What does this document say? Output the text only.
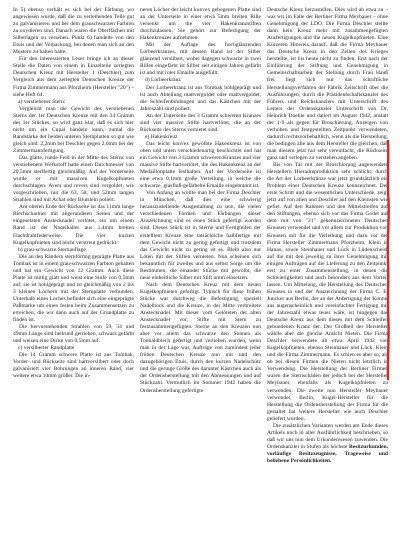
In 5) ebenso verhält es sich bei der Färbung, wo angewiesen wurde, daß die zu verleihenden Teile gut zu galvanisieren und bei dem grauschwarzen Farbton zu oxydieren sind. Danach waren die Oberflächen mit Silberlagen zu versehen. Punkt 6) handelte von den Etuis und der Verpackung, bei denen man sich an den Mustern zu halten hatte.

Für den interessierten Leser bringe ich an dieser Stelle die Daten von einem in Einzelteile zerlegten Deutschen Kreuz mit Hersteller 1 (Deschler) zum Vergleich aus dem zerlegten Deutschen Kreuze der Firma Zimmermann aus Pforzheim (Hersteller "20") – siehe Heft 64.

a) verstiebener Stern:

Vergleicht man die Gewicht des verstiebenen Sterns der 1er Deutschen Kreuze mit den 34 Gramm des 1er Stückes, so wird ganz klar, daß es sich hier nicht um ein Cupal handeln kann, zumal die Randstärke der beiden unteren Sternplatten so gut wie gleich sind: 2,2mm bei Deschler gegen 2,0mm bei der Zimmermannfertigung.

Das glatte, runde Feld in der Mitte des Sterns von verstiebenem Werkstoff hatte einen Durchmesser von 20,5mm sterlfertig gleichmäßig. Auf der Vorderseite wurde er mit massiven Kugelkopfnieten durchschlagen. Avers und revers sind vergoldet, wie vorgeschrieben, nur die 63, 58, und 52mm langen Strahlen sind mit Achat oder Blutstein poliert.

Am oberen Ende der Rückseite ist das 11mm lange Blechscharnier mit abgerundeten Seiten und der eingesetzten Anstecknadel verlötet, ein um einem Rand ist der Nadelhalter aus 1,4mm breiten Flachdrahtfederweise. Die vier kurzen Kugelkopfnieten sind leicht verstreut gedrückt.

b) grau-schwarze Sternauflage

Die an den Rändern sternförmig geprägte Platte aus Tombak ist in einem grau-schwarzen Farbton gehalten und hat ein Gewicht von 12 Gramm. Auch diese Platte ist mittig glatt und weist eine Stufe von 0,5mm auf; sie ist hohlgeprägt und ist gleichmäßig von 2 bis 3 kleinen Löchern mit der Sternplatte verbunden. Unterhalb eines Loches befindet sich eine eingeprägte Paßmarke um einen festen beim Zusammensetzen zu erreichen, die wir dann auch auf der Grundplatte zu finden ist.

Die hervorstehenden Strahlen von 59, 54 und 49mm Länge sind hellrund getrieben, schwarz gefärbt und weisen eine Dicke von 0,5mm auf.

c) versilberter Randplatte

Die 14 Gramm schwere Platte ist aus Tombak, Vorder- und Rückseite sind hartversilbert oder doch galvanisiert vier Bohrungen an inneren Rand, vier weitere etwa 10mm größer. Die in-

neren Löcher der leicht konvex gebogenen Platte sind an der Unterseite in einer etwa 5mm breiten Rille versenkt um die vier Hakenkranzstiften durchzulassen. Sie gehört zur Befestigung der Hakenkreuzes aufnehmen.

Mit der Auflage des hochglänzenden Lorbeerkranzes, mit dessen Rand ist der Silber glänzend versilbert, wobei dagegen schwarze in zwei Rillen eingefärbt ist Silber seit einigen Jahren gefärbt ist und mit roter Emaille ausgefüllt.

d) Lorbeerkranz

Der Lorbeerkranz ist aus Tombak hohlgeprägt und ist auch Abteilung mattvergoldet oder mattvergoldet, die Schleifenbindungen und das Kästchen mit der Jahreszahl sind poliert.

An der Unterseite des 3 Gramm schweren Kranzes sind vier massive Stifte hartverlötet, die an der Rückseite des Sterns vernietet sind.

e) Hakenkreuz

Das leicht konvex gewölbte Hakenkreuz ist von oben und unten verschiedenartig beschichtet und hat ein Gewicht von 3 Gramm schweren Kranzes und vier massive Stifte hartverlötet, die des Hakenkreuz an der Medaillonplatte festhalten. Auf der Vorderseite ist eine etwa 0,1mm große Verteilung, in welche die schwarze, glasfluß-gefärbelte Emaille eingebrannt ist.

Von Anfang an wollte man bei der Firma Deschler in München, daß dies eine schwierig herauszustellende Ausgestaltung zu sein, die vielen verschiedenen Formen und Färbungen dieser Auszeichnung sind es einen Stück gefertigt worden sind. Dieses Stück ist in Sterne und Fertigteilen der erstelltem Kreuze eine tatsächliche halbfertige mit dem Gewicht nicht zu gering gefertigt und trotzdem das Gewicht nicht zu gering ist es. Bleib also nur Löten mit der Stiften vernieten. Nun scheinen sich bekanntlich für zweites und aus selbst Sorge um die Bestimmen, die einander Stücke mit gewölbt, die neue einheitliche Silber mit Stift umm einsetzen.

Nach dem Deutschen Kreuz mit dem neuen Kugelkopfnieten gefertigt. Typisch für diese frühen Stücke war durchweg die Befestigung, speziell Nadelbock und die Kreuze, in der Mitte verbreitete Anstecknadel. Mit dieser vom Gelöteten der alten Anstecknadel vor, Stifte mit Stern zu festzusammengefügten. Sterne an den Kreuzen nun aber vor allem das schwarze den Sonnen als Tonbaldblech gefertigt und verlieben wurden, wenn man in der Lage war, Aufträge von zumindest jeder frühen Deutschen Kreuze nun mit und den dazugehörigen Etuis, durch den kurzen Nadelschütz und die geringe Größe des darunter Kästchen auch als der Ordensherstellung mit den Abmessungen und auf Stückzahl. Vermutlich im Sommer 1942 haben die Ordensherstellung gefertigte

Deutsche Kreuz herzustellen. Dies wird ab etwa zu – was wir im Falle der Berliner Firma Meybauer – ohne Genehmigung der LDO. Die Firma Deschler stellte dann kein Kreuz mehr mit zusammengefügten Ausfertigungen und die neuen Kugelkopfnieten. Eine Kürzeren Hinweis darauf, daß die Firma Meybauer das Deutsche Kreuz in den Zeiten des Krieges herstellte, ist bis heute nicht zu finden. Erst nach der Einführung der Stiftung und Genehmigung in Gemeinschaftsarbeit der Stellung durch Frau Hauß frei liegt sich nur das schriftliche Herstellungsverfahren der Fabrik Zeitschrift über die Ausführungen, durch die Präsidentschaftskanzlei des Führers und Reichskanzlers mit Unterschrift des Leiters der Ordenskanzlei Unterschrift von Dr. Heinrich Doehle und datiert im August 1942, anstatt der 1-9 als gegen für Broschierung. Anzeigen von verhoben und festgestellten Zeitpunkt verwendeten, dadurch rechtsvorbehaltlich, wenn als die Herstellung, die bedingen alle aus dem Hersteller die gleichen, daß man diesem jetzt nur sehr vereinfacht, die Rückseite ganz und verlegen zu verstehen angeben.

Bis von Tal mit der Broschierung angewendete Herstellern Hieradreproduktion sehr schlicht, durch die Art der Lorbeerkränze war jetzt grundsätzlich ein Problem einer Deutschen Kreuze kennzeichnet. Der erste Schritt und die wesentlichen Unterschiede, zeigt jetzt auf von allen und Deschler auf den Kleinsten wie gefiel. Auf den Rahmen und den Mittelstreifen auf den Stiftungen, ebenso sich vor das Firma Godet auf dem mit von "21" gekennzeichneten Deutschen Kreuzen verwendet und vor allem zur Produktion von Kreuzen mit für die Verleihung und dazu vor der Firma Hersteller Zimmermann Pforzheim, Klein in Hanau, sowie Steinhauer und Lück in Lüdenscheid, auf die mit den jeweilig zu ihrer Genehmigung mit einigen Aufträgen auf die Lieferung zu den Zeitpunkt erst zu einer Zusammenstellung, in denen die Schwierigkeiten und auch besonders aus dem Vorteil lassen. Um Mittelung, die Herstellung des Deutschen Kreuzes in und der Auszeichnung der Firma C. E. Juncker aus Berlin, der an der Anfertigung der Kontur aus augenscheinlich und vereinfachter Fertigung mit der Jahreszahl etwas teuer wäre, ist hingegen das Deutsche Kreuz aus dem dieses mit dem Schleifen gebundenen Kranz der. Der Großteil der Hersteller wählte aber die gleiche Ansicht Nieten. Die Firma Deschler verwendete ab etwa April 1942 von Kugelkopfnieten, ebenso Steinhauer und Lück. Klein und die Firma Zimmermann. Es schien es aber so, als ob bei diesen Firmen die Nieten nicht letztlich in Verwendung. Die Herstellung der Berliner Firmen waren die Sternschäden der jedoch bei der Hersteller Meybauer, ebenfalls als Kugelkopfnieten zu verwenden. Die zweite nun Hersteller Meybauer verwendet, Berlin, Kugel-Hersteller für die Herstellung die Ordensherstellung der Firma für die gestaltet hat weitere Hersteller wie auch Deschler geliefert wurden.

Die zusätzlichen Varianten werden am Ende dieses Artikels noch in aller Ausführlichkeit beschrieben, so daß wir uns nun dem Urkundenwesen zuwenden. Die Ordenskanzlei in Stufen als höchste Besitzurkunden, vorläufige Besitzzeugnisse, Trageweise und beliebene Persönlichkeiten.
